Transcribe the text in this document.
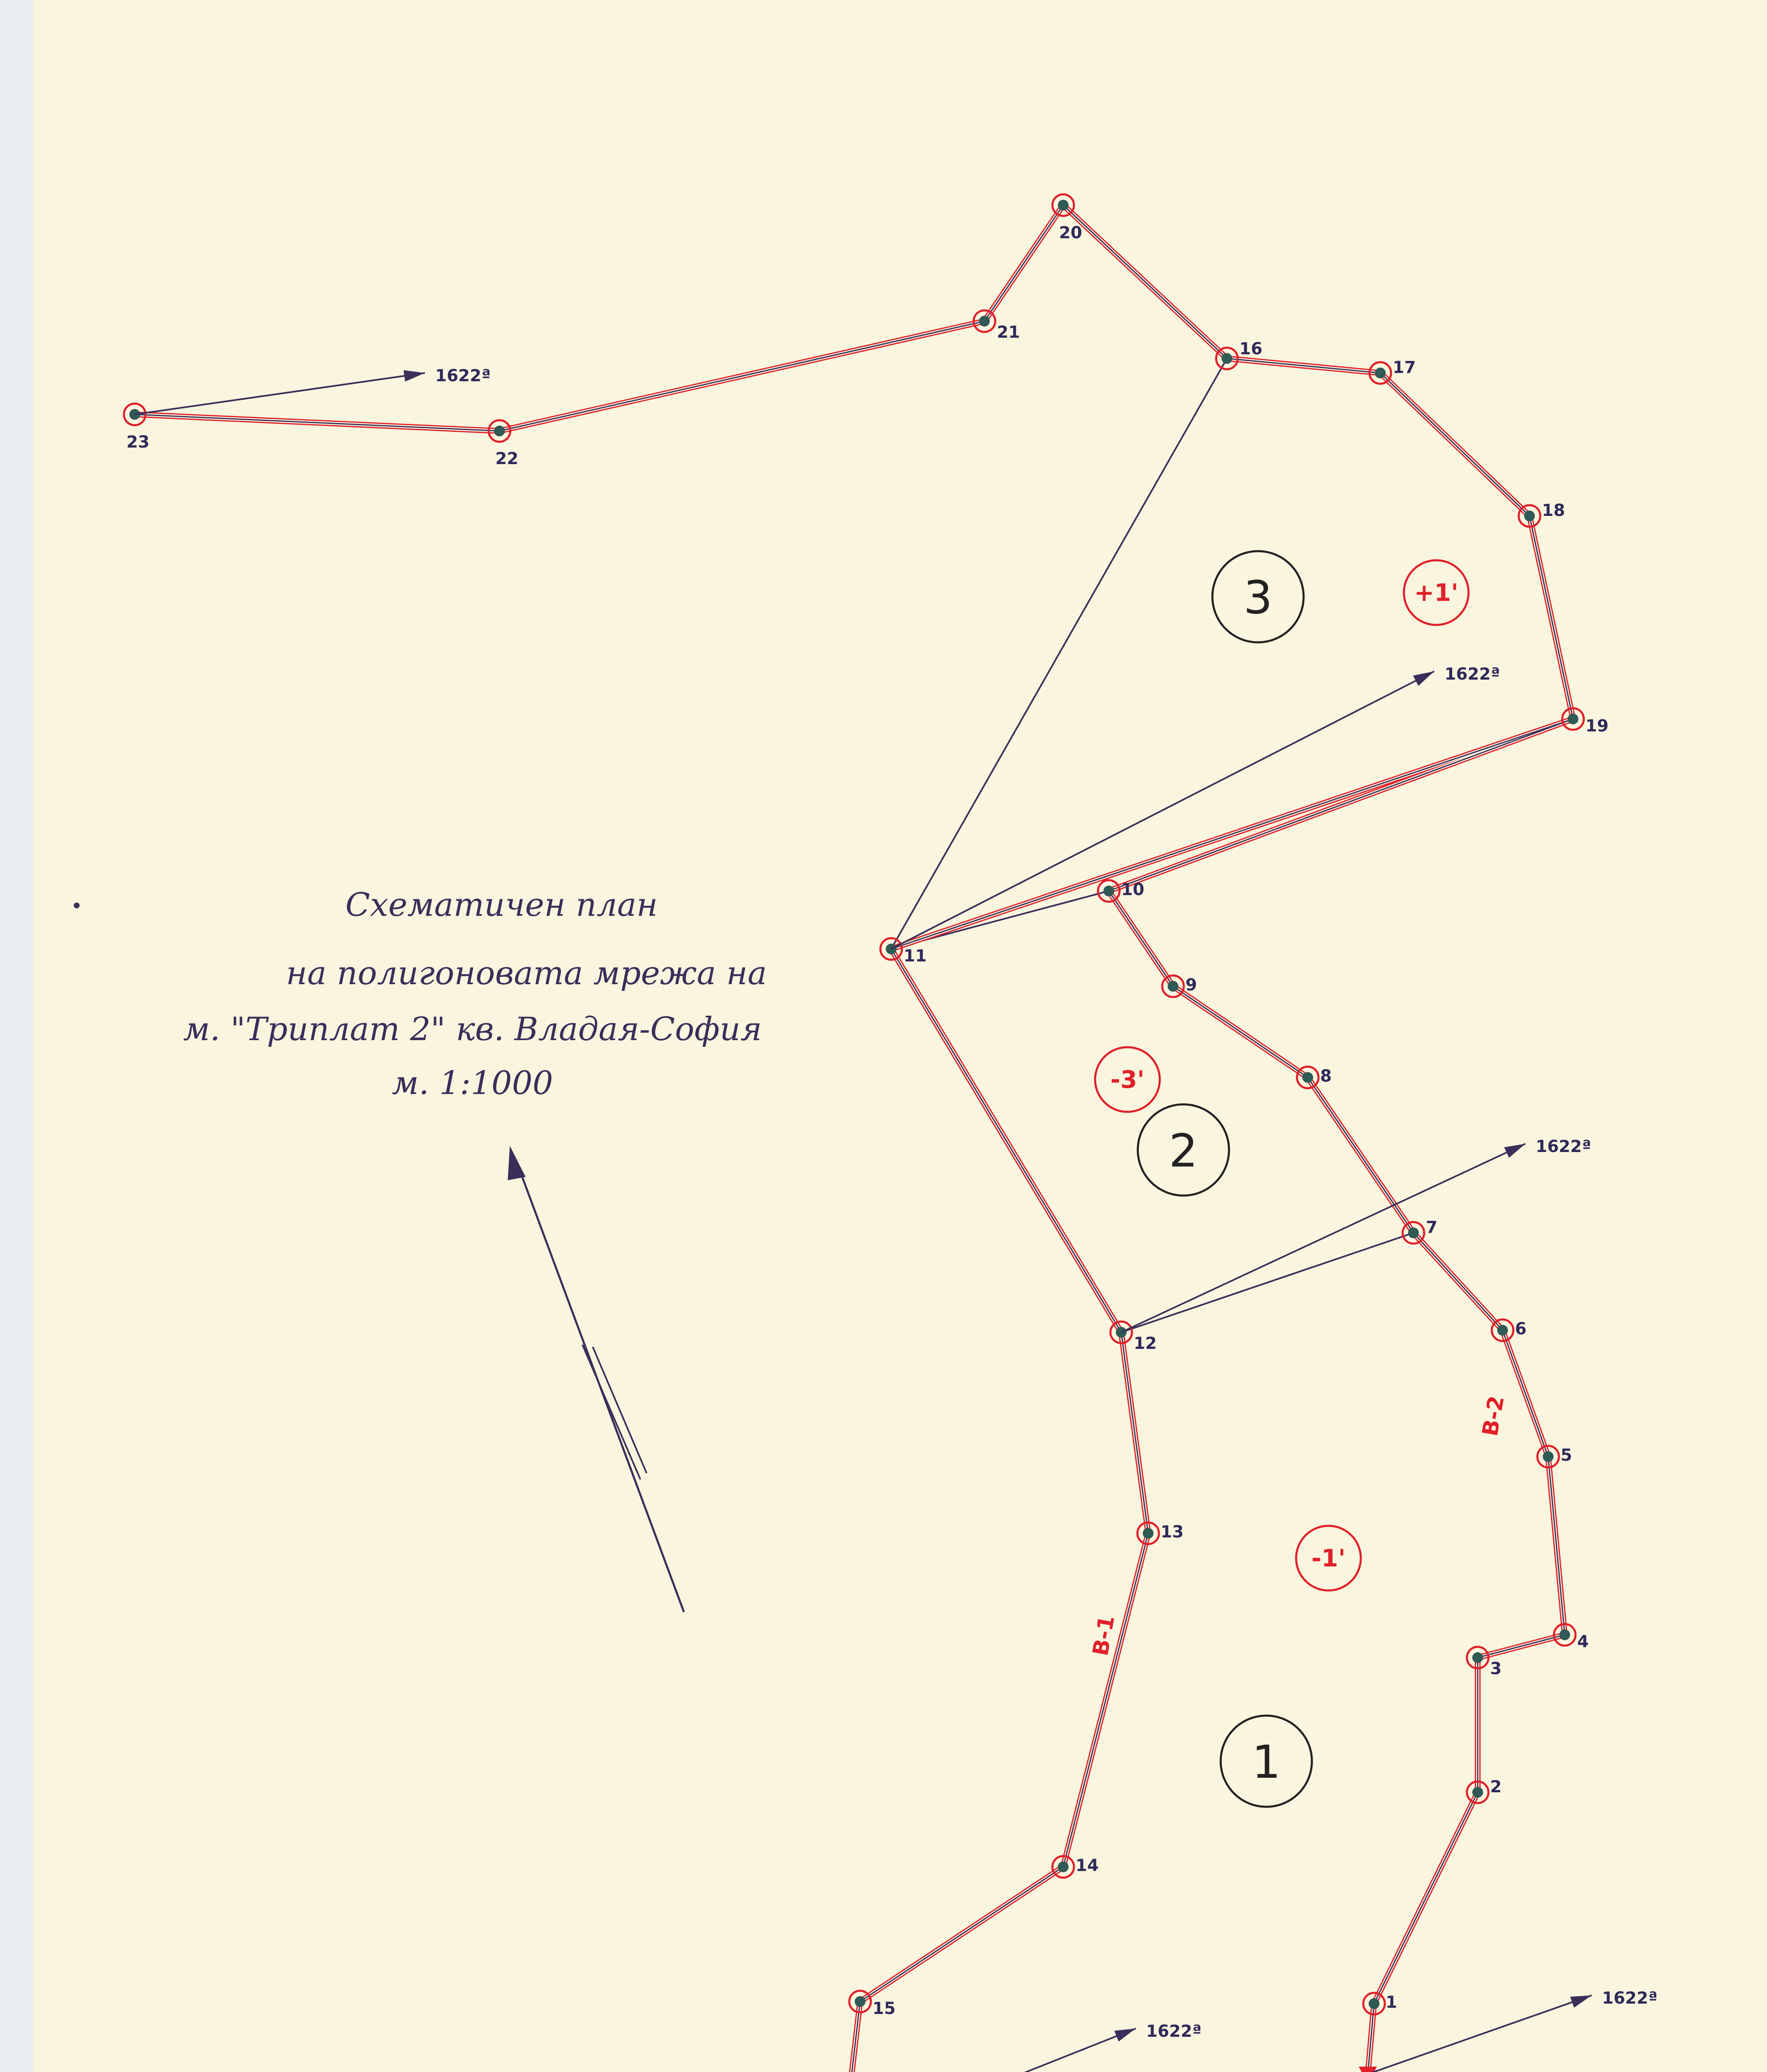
1
2
3
4
5
6
7
8
9
10
11
12
13
14
15
16
17
18
19
20
21
22
23
1622ª
1622ª
1622ª
1622ª
1622ª
1
2
3
-1'
-3'
+1'
В-1
В-2
Схематичен план
на полигоновата мрежа на
м. "Триплат 2" кв. Владая-София
м. 1:1000
